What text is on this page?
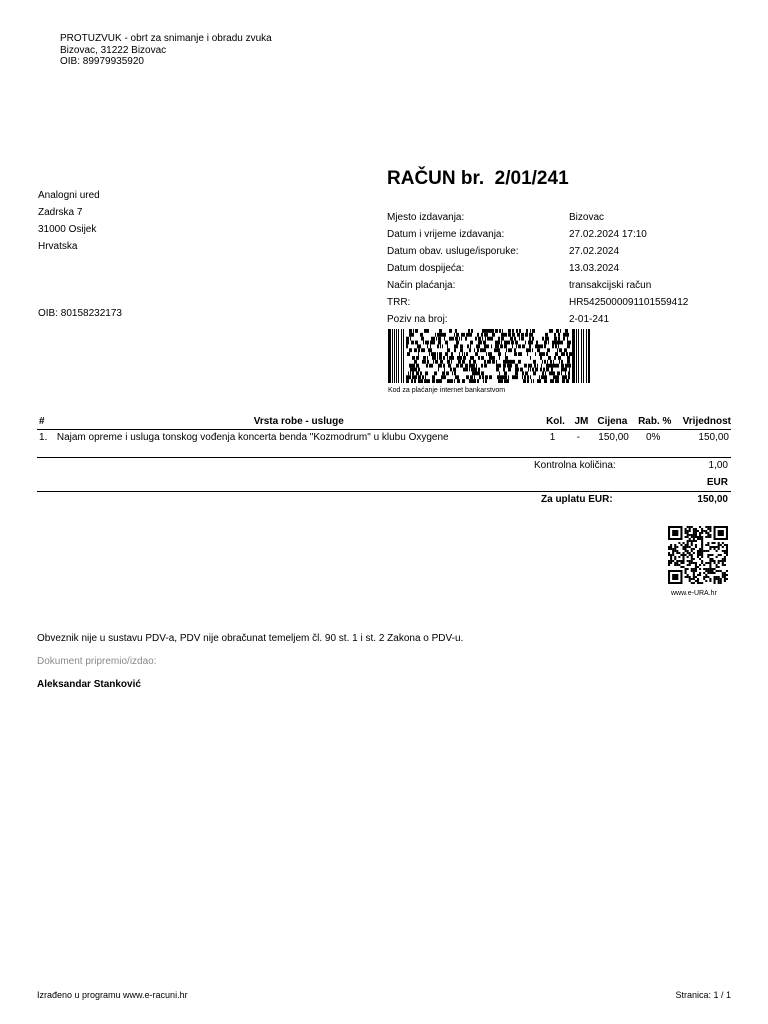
PROTUZVUK - obrt za snimanje i obradu zvuka
Bizovac, 31222 Bizovac
OIB: 89979935920
Analogni ured
Zadrska 7
31000 Osijek
Hrvatska
OIB: 80158232173
RAČUN br.  2/01/241
Mjesto izdavanja:	Bizovac
Datum i vrijeme izdavanja:	27.02.2024 17:10
Datum obav. usluge/isporuke:	27.02.2024
Datum dospijeća:	13.03.2024
Način plaćanja:	transakcijski račun
TRR:	HR5425000091101559412
Poziv na broj:	2-01-241
Kod za plaćanje internet bankarstvom
#	Vrsta robe - usluge	Kol. JM Cijena	Rab. %	Vrijednost
1. Najam opreme i usluga tonskog vođenja koncerta benda "Kozmodrum" u klubu Oxygene	1	-	150,00	0%	150,00
Kontrolna količina:	1,00
EUR
Za uplatu EUR:	150,00
www.e-URA.hr
Obveznik nije u sustavu PDV-a, PDV nije obračunat temeljem čl. 90 st. 1 i st. 2 Zakona o PDV-u.
Dokument pripremio/izdao:
Aleksandar Stanković
Izrađeno u programu www.e-racuni.hr	Stranica: 1 / 1
